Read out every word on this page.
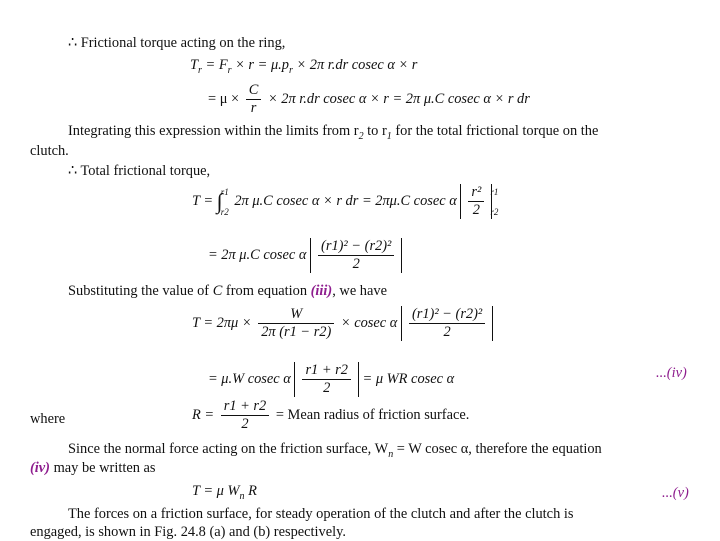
∴ Frictional torque acting on the ring,
$T_r = F_r \times r = \mu.p_r \times 2\pi$ r.dr cosec α × r
= $\mu \times \frac{C}{r} \times 2\pi$ r.dr cosec α × r = 2π μ.C cosec α × r dr
Integrating this expression within the limits from $r_2$ to $r_1$ for the total frictional torque on the
clutch.
∴ Total frictional torque,
T = ∫r1

r2 2π μ.C cosec α × r dr = 2πμ.C cosec α $\frac{\text{r²}}{2} r1$

r2
= 2π μ.C cosec α $\frac{\text{(r1)² − (r2)²}}{2}$
Substituting the value of C from equation (iii), we have
$T = 2\pi\mu \times \frac{W}{2\pi (r1 - r2)} \times cosec$ α $\frac{\text{(r1)² − (r2)²}}{2}$
= μ.W cosec α $\frac{r1 + r2}{2} = \mu$ WR cosec α	...(iv)
where	$R = \frac{r1 + r2}{2}$ = Mean radius of friction surface.
Since the normal force acting on the friction surface, $W_n = W$ cosec α, therefore the equation
(iv) may be written as
T = μ $W_n$ R	...(v)
The forces on a friction surface, for steady operation of the clutch and after the clutch is
engaged, is shown in Fig. 24.8 (a) and (b) respectively.
